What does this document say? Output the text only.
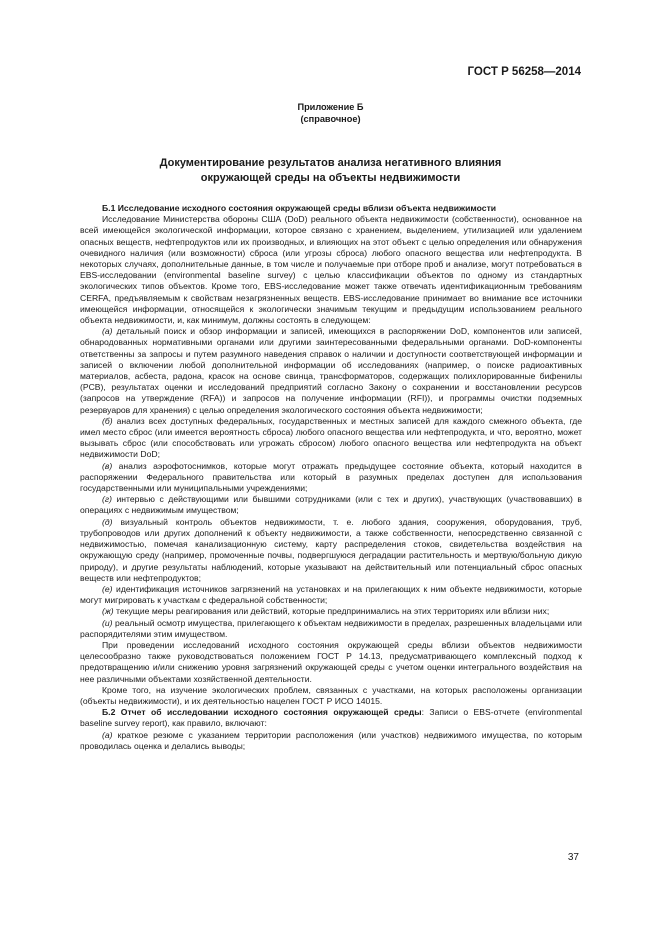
ГОСТ Р 56258—2014
Приложение Б
(справочное)
Документирование результатов анализа негативного влияния
окружающей среды на объекты недвижимости

Б.1 Исследование исходного состояния окружающей среды вблизи объекта недвижимости

Исследование Министерства обороны США (DoD) реального объекта недвижимости (собственности), основанное на всей имеющейся экологической информации, которое связано с хранением, выделением, утилизацией или удалением опасных веществ, нефтепродуктов или их производных, и влияющих на этот объект с целью определения или обнаружения очевидного наличия (или возможности) сброса (или угрозы сброса) любого опасного вещества или нефтепродукта. В некоторых случаях, дополнительные данные, в том числе и получаемые при отборе проб и анализе, могут потребоваться в EBS-исследовании (environmental baseline survey) с целью классификации объектов по одному из стандартных экологических типов объектов. Кроме того, EBS-исследование может также отвечать идентификационным требованиям CERFA, предъявляемым к свойствам незагрязненных веществ. EBS-исследование принимает во внимание все источники имеющейся информации, относящейся к экологически значимым текущим и предыдущим использованием реального объекта недвижимости, и, как минимум, должны состоять в следующем:

(а) детальный поиск и обзор информации и записей, имеющихся в распоряжении DoD, компонентов или записей, обнародованных нормативными органами или другими заинтересованными федеральными органами. DoD-компоненты ответственны за запросы и путем разумного наведения справок о наличии и доступности соответствующей информации и записей о включении любой дополнительной информации об исследованиях (например, о поиске радиоактивных материалов, асбеста, радона, красок на основе свинца, трансформаторов, содержащих полихлорированные бифенилы (PCB), результатах оценки и исследований предприятий согласно Закону о сохранении и восстановлении ресурсов (запросов на утверждение (RFA)) и запросов на получение информации (RFI)), и программы очистки подземных резервуаров для хранения) с целью определения экологического состояния объекта недвижимости;

(б) анализ всех доступных федеральных, государственных и местных записей для каждого смежного объекта, где имел место сброс (или имеется вероятность сброса) любого опасного вещества или нефтепродукта, и что, вероятно, может вызывать сброс (или способствовать или угрожать сбросом) любого опасного вещества или нефтепродукта на объект недвижимости DoD;

(в) анализ аэрофотоснимков, которые могут отражать предыдущее состояние объекта, который находится в распоряжении Федерального правительства или который в разумных пределах доступен для использования государственными или муниципальными учреждениями;

(г) интервью с действующими или бывшими сотрудниками (или с тех и других), участвующих (участвовавших) в операциях с недвижимым имуществом;

(д) визуальный контроль объектов недвижимости, т. е. любого здания, сооружения, оборудования, труб, трубопроводов или других дополнений к объекту недвижимости, а также собственности, непосредственно связанной с недвижимостью, помечая канализационную систему, карту распределения стоков, свидетельства воздействия на окружающую среду (например, промоченные почвы, подвергшуюся деградации растительность и мертвую/больную дикую природу), и другие результаты наблюдений, которые указывают на действительный или потенциальный сброс опасных веществ или нефтепродуктов;

(е) идентификация источников загрязнений на установках и на прилегающих к ним объекте недвижимости, которые могут мигрировать к участкам с федеральной собственности;

(ж) текущие меры реагирования или действий, которые предпринимались на этих территориях или вблизи них;

(и) реальный осмотр имущества, прилегающего к объектам недвижимости в пределах, разрешенных владельцами или распорядителями этим имуществом.

При проведении исследований исходного состояния окружающей среды вблизи объектов недвижимости целесообразно также руководствоваться положением ГОСТ Р 14.13, предусматривающего комплексный подход к предотвращению и/или снижению уровня загрязнений окружающей среды с учетом оценки интегрального воздействия на нее различными объектами хозяйственной деятельности.

Кроме того, на изучение экологических проблем, связанных с участками, на которых расположены организации (объекты недвижимости), и их деятельностью нацелен ГОСТ Р ИСО 14015.

Б.2 Отчет об исследовании исходного состояния окружающей среды: Записи о EBS-отчете (environmental baseline survey report), как правило, включают:

(а) краткое резюме с указанием территории расположения (или участков) недвижимого имущества, по которым проводилась оценка и делались выводы;

37
